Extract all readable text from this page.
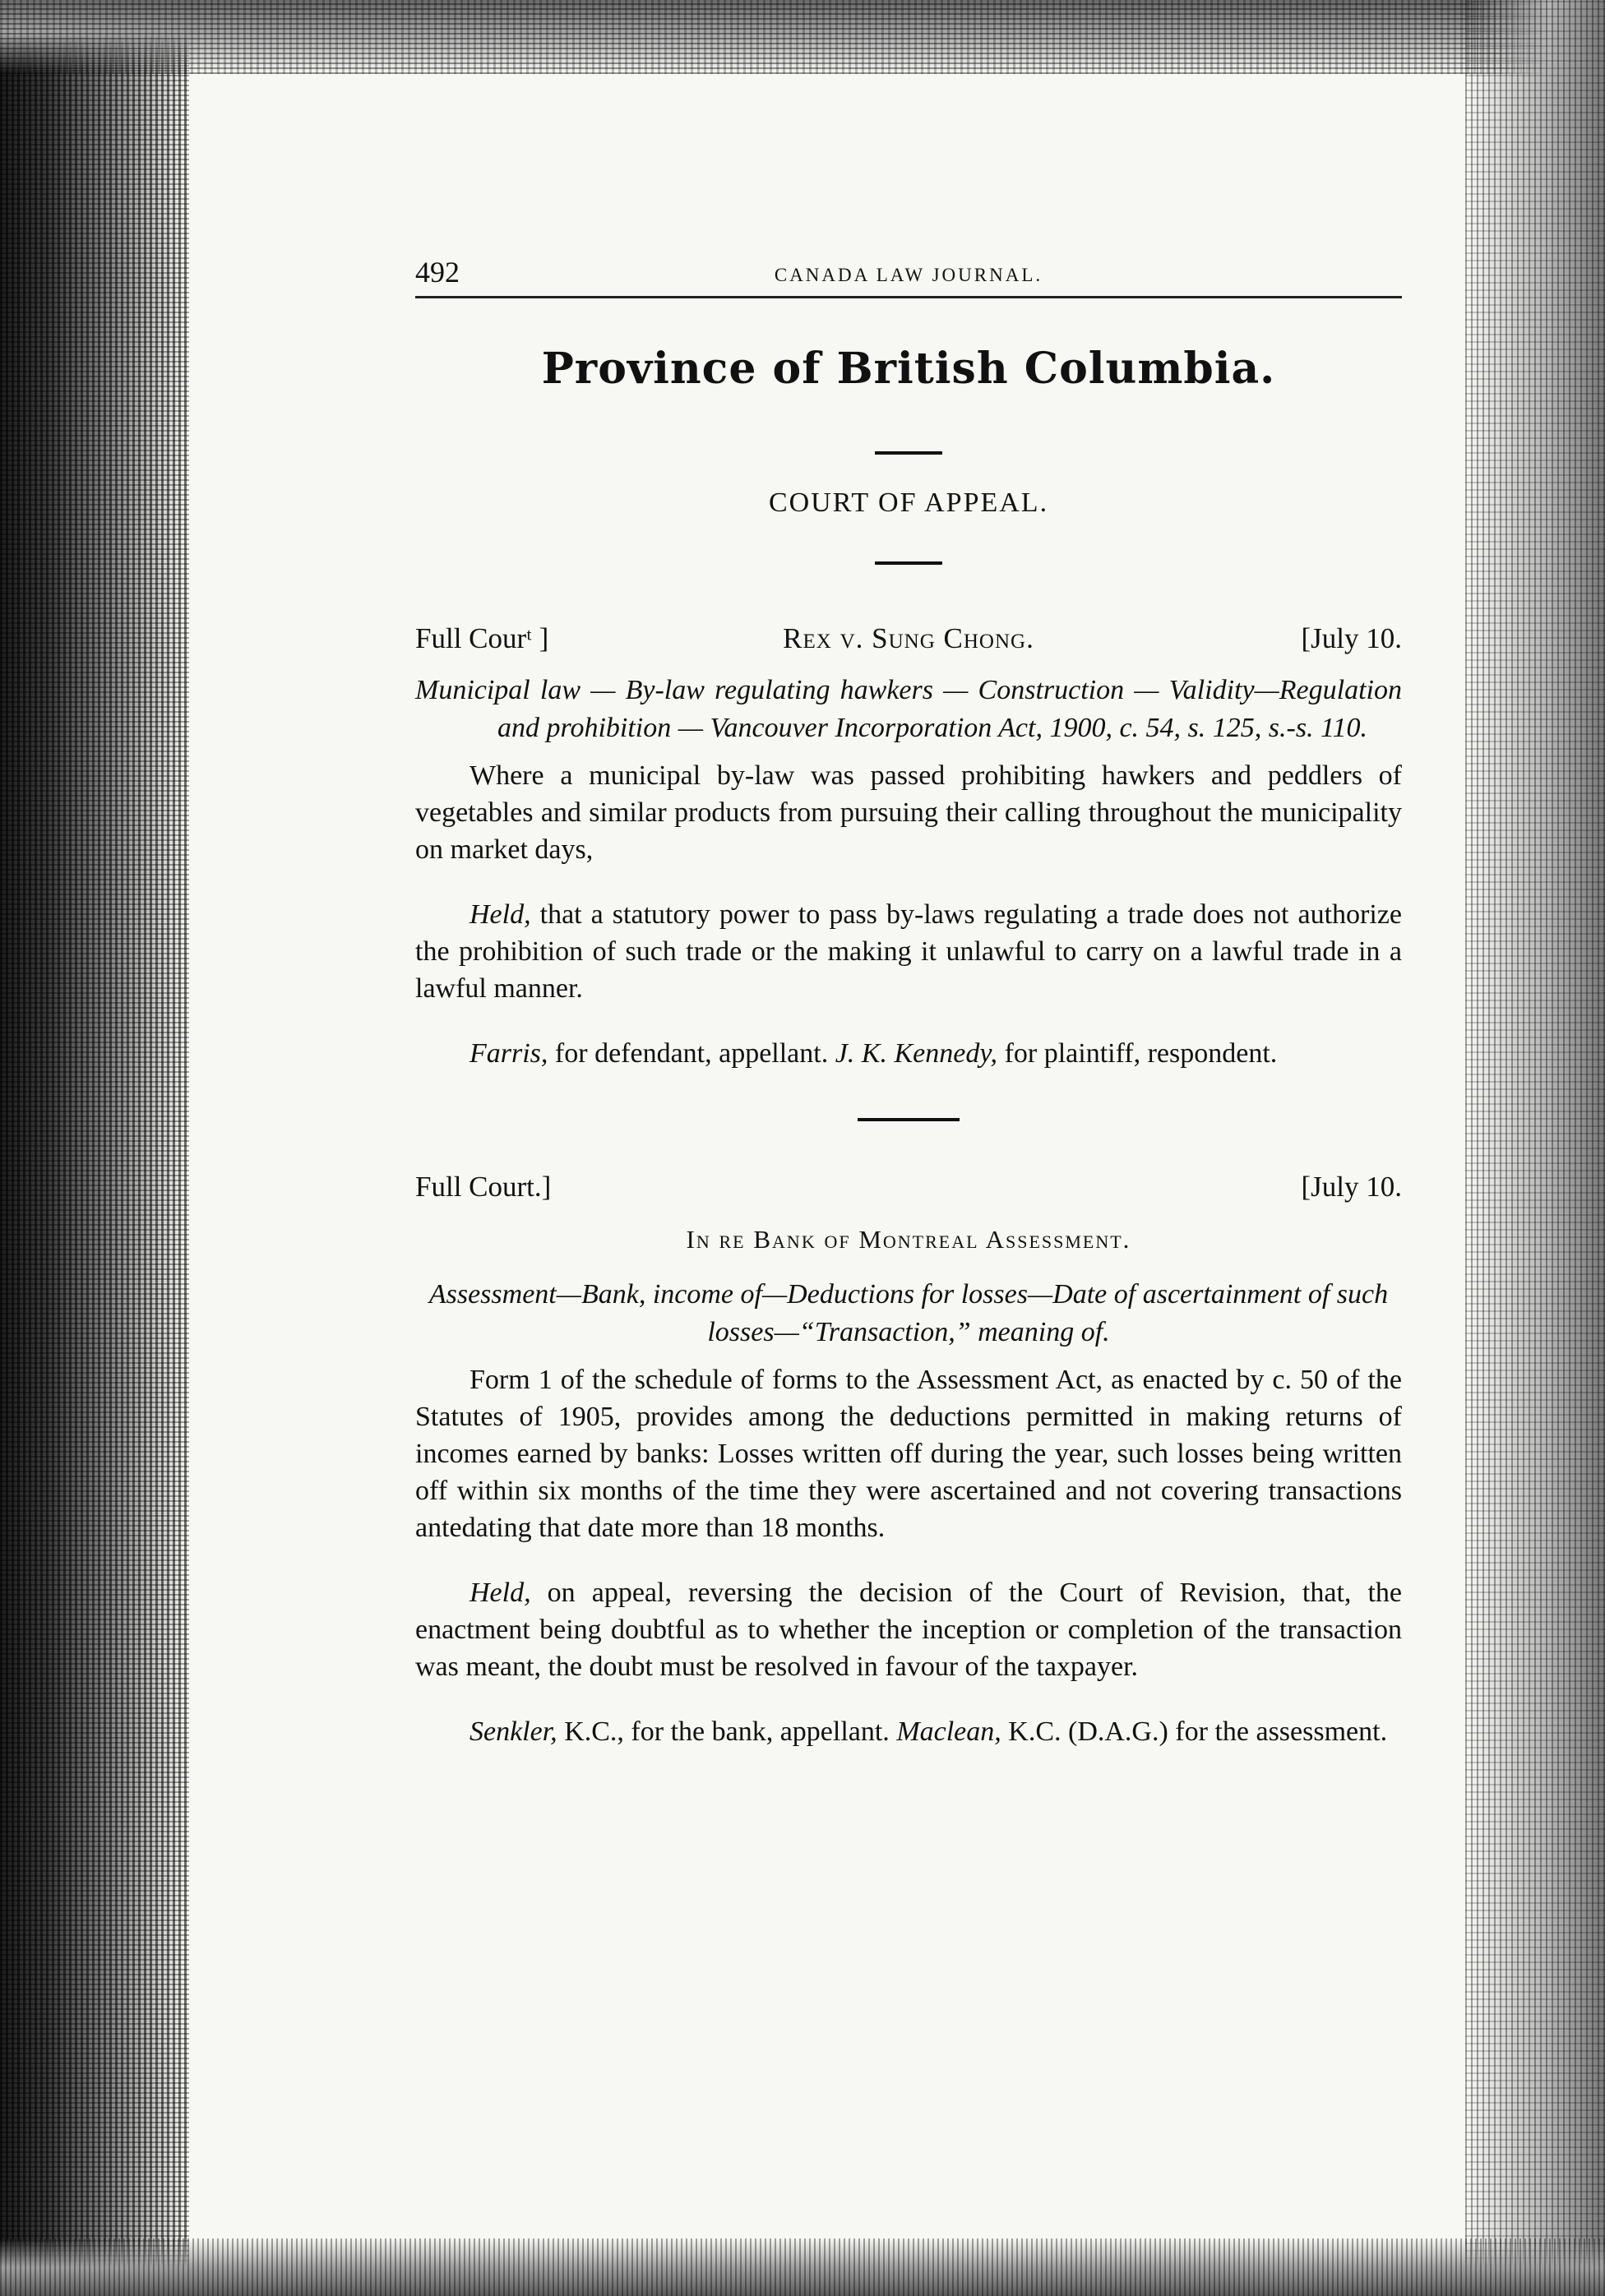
492	CANADA LAW JOURNAL.
Province of British Columbia.
COURT OF APPEAL.
Full Courᵗ ]	Rex v. Sung Chong.	[July 10.
Municipal law — By-law regulating hawkers — Construction — Validity—Regulation and prohibition — Vancouver Incorporation Act, 1900, c. 54, s. 125, s.-s. 110.

Where a municipal by-law was passed prohibiting hawkers and peddlers of vegetables and similar products from pursuing their calling throughout the municipality on market days,

Held, that a statutory power to pass by-laws regulating a trade does not authorize the prohibition of such trade or the making it unlawful to carry on a lawful trade in a lawful manner.

Farris, for defendant, appellant. J. K. Kennedy, for plaintiff, respondent.

Full Court.]	[July 10.
In re Bank of Montreal Assessment.
Assessment—Bank, income of—Deductions for losses—Date of ascertainment of such losses—“Transaction,” meaning of.

Form 1 of the schedule of forms to the Assessment Act, as enacted by c. 50 of the Statutes of 1905, provides among the deductions permitted in making returns of incomes earned by banks: Losses written off during the year, such losses being written off within six months of the time they were ascertained and not covering transactions antedating that date more than 18 months.

Held, on appeal, reversing the decision of the Court of Revision, that, the enactment being doubtful as to whether the inception or completion of the transaction was meant, the doubt must be resolved in favour of the taxpayer.

Senkler, K.C., for the bank, appellant. Maclean, K.C. (D.A.G.) for the assessment.
